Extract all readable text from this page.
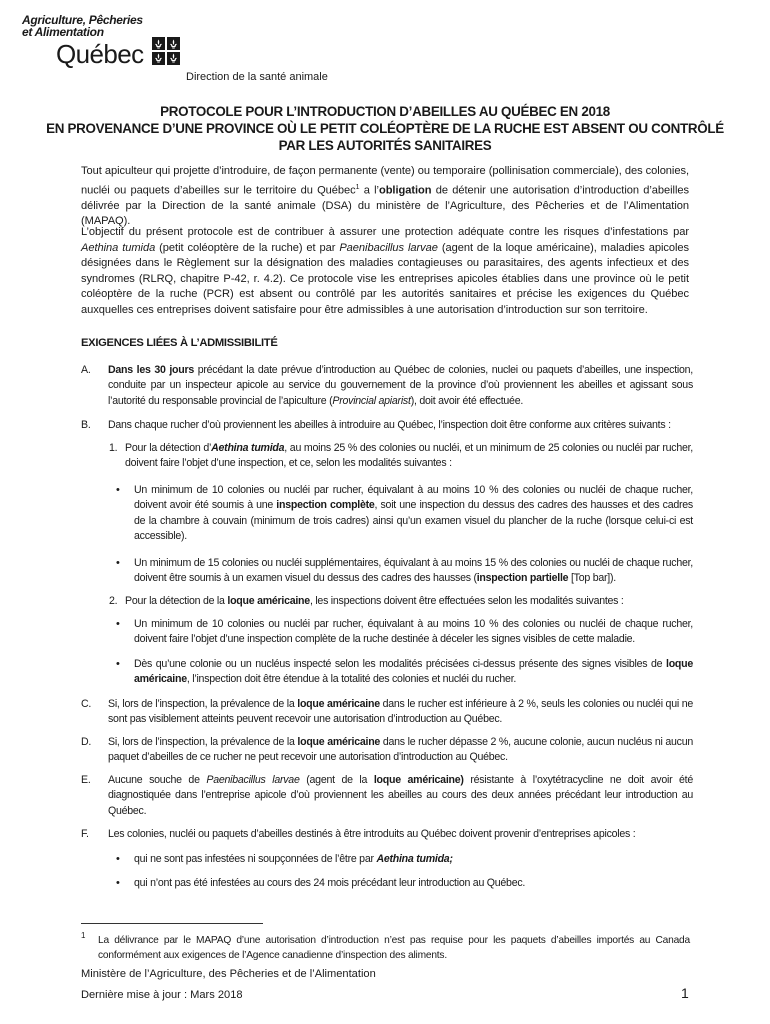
Agriculture, Pêcheries
et Alimentation
Québec
Direction de la santé animale
PROTOCOLE POUR L’INTRODUCTION D’ABEILLES AU QUÉBEC EN 2018
EN PROVENANCE D’UNE PROVINCE OÙ LE PETIT COLÉOPTÈRE DE LA RUCHE EST ABSENT OU CONTRÔLÉ
PAR LES AUTORITÉS SANITAIRES
Tout apiculteur qui projette d’introduire, de façon permanente (vente) ou temporaire (pollinisation commerciale), des colonies, nucléi ou paquets d’abeilles sur le territoire du Québec$^1$ a l’obligation de détenir une autorisation d’introduction d’abeilles délivrée par la Direction de la santé animale (DSA) du ministère de l’Agriculture, des Pêcheries et de l’Alimentation (MAPAQ).
L’objectif du présent protocole est de contribuer à assurer une protection adéquate contre les risques d’infestations par Aethina tumida (petit coléoptère de la ruche) et par Paenibacillus larvae (agent de la loque américaine), maladies apicoles désignées dans le Règlement sur la désignation des maladies contagieuses ou parasitaires, des agents infectieux et des syndromes (RLRQ, chapitre P-42, r. 4.2). Ce protocole vise les entreprises apicoles établies dans une province où le petit coléoptère de la ruche (PCR) est absent ou contrôlé par les autorités sanitaires et précise les exigences du Québec auxquelles ces entreprises doivent satisfaire pour être admissibles à une autorisation d’introduction sur son territoire.
EXIGENCES LIÉES À L’ADMISSIBILITÉ
A.	Dans les 30 jours précédant la date prévue d’introduction au Québec de colonies, nuclei ou paquets d’abeilles, une inspection, conduite par un inspecteur apicole au service du gouvernement de la province d’où proviennent les abeilles et agissant sous l’autorité du responsable provincial de l’apiculture (Provincial apiarist), doit avoir été effectuée.
B.	Dans chaque rucher d’où proviennent les abeilles à introduire au Québec, l’inspection doit être conforme aux critères suivants :
1. Pour la détection d’Aethina tumida, au moins 25 % des colonies ou nucléi, et un minimum de 25 colonies ou nucléi par rucher, doivent faire l’objet d’une inspection, et ce, selon les modalités suivantes :
• Un minimum de 10 colonies ou nucléi par rucher, équivalant à au moins 10 % des colonies ou nucléi de chaque rucher, doivent avoir été soumis à une inspection complète, soit une inspection du dessus des cadres des hausses et des cadres de la chambre à couvain (minimum de trois cadres) ainsi qu’un examen visuel du plancher de la ruche (lorsque celui-ci est accessible).
• Un minimum de 15 colonies ou nucléi supplémentaires, équivalant à au moins 15 % des colonies ou nucléi de chaque rucher, doivent être soumis à un examen visuel du dessus des cadres des hausses (inspection partielle [Top bar]).
2. Pour la détection de la loque américaine, les inspections doivent être effectuées selon les modalités suivantes :
• Un minimum de 10 colonies ou nucléi par rucher, équivalant à au moins 10 % des colonies ou nucléi de chaque rucher, doivent faire l’objet d’une inspection complète de la ruche destinée à déceler les signes visibles de cette maladie.
• Dès qu’une colonie ou un nucléus inspecté selon les modalités précisées ci-dessus présente des signes visibles de loque américaine, l’inspection doit être étendue à la totalité des colonies et nucléi du rucher.
C.	Si, lors de l’inspection, la prévalence de la loque américaine dans le rucher est inférieure à 2 %, seuls les colonies ou nucléi qui ne sont pas visiblement atteints peuvent recevoir une autorisation d’introduction au Québec.
D.	Si, lors de l’inspection, la prévalence de la loque américaine dans le rucher dépasse 2 %, aucune colonie, aucun nucléus ni aucun paquet d’abeilles de ce rucher ne peut recevoir une autorisation d’introduction au Québec.
E.	Aucune souche de Paenibacillus larvae (agent de la loque américaine) résistante à l’oxytétracycline ne doit avoir été diagnostiquée dans l’entreprise apicole d’où proviennent les abeilles au cours des deux années précédant leur introduction au Québec.
F.	Les colonies, nucléi ou paquets d’abeilles destinés à être introduits au Québec doivent provenir d’entreprises apicoles :
• qui ne sont pas infestées ni soupçonnées de l’être par Aethina tumida;
• qui n’ont pas été infestées au cours des 24 mois précédant leur introduction au Québec.
1 La délivrance par le MAPAQ d’une autorisation d’introduction n’est pas requise pour les paquets d’abeilles importés au Canada conformément aux exigences de l’Agence canadienne d’inspection des aliments.
Ministère de l’Agriculture, des Pêcheries et de l’Alimentation
Dernière mise à jour : Mars 2018	1
